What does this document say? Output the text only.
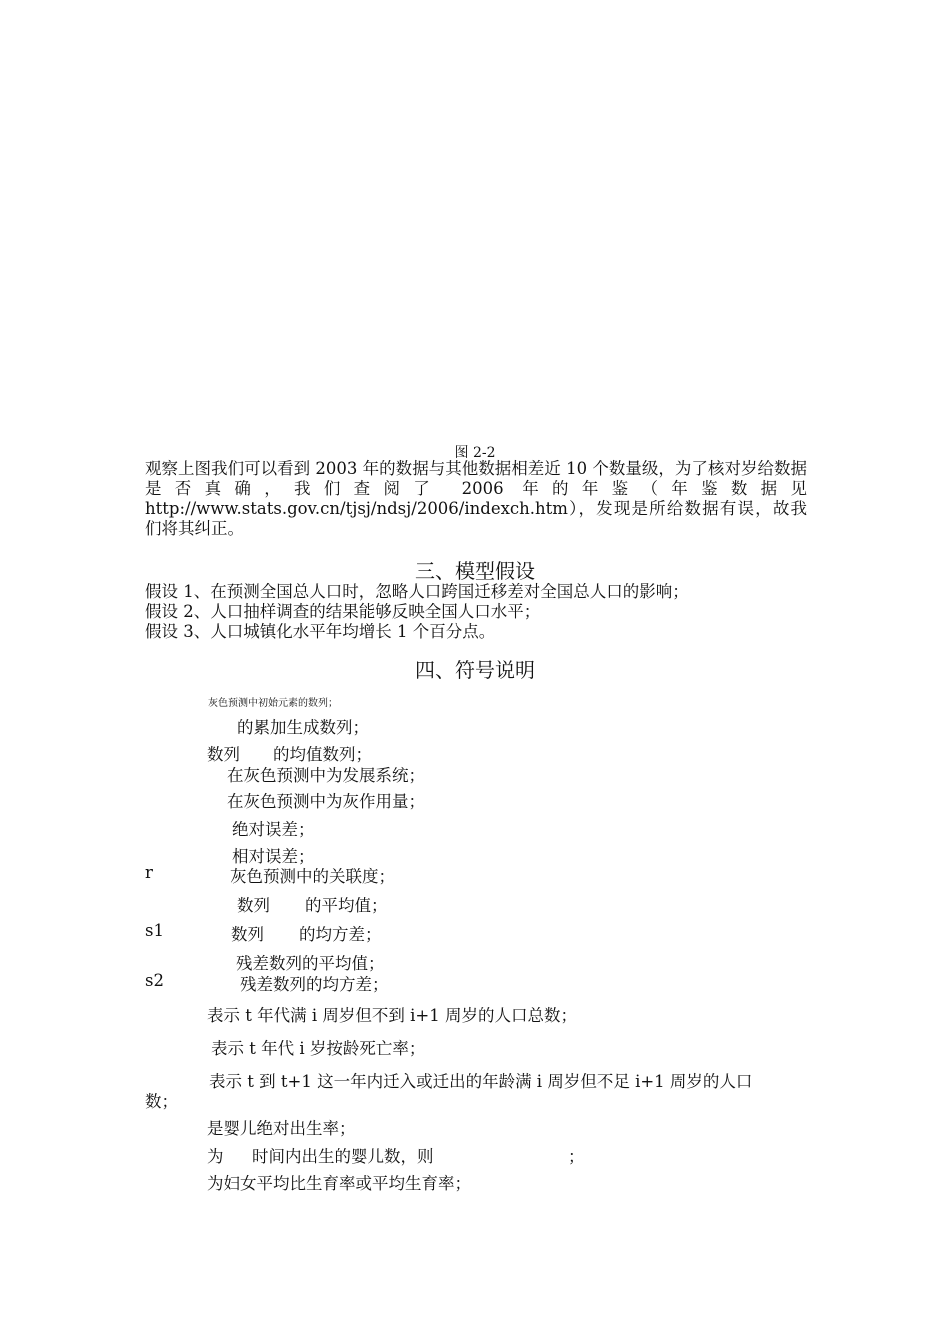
图 2-2
观察上图我们可以看到 2003 年的数据与其他数据相差近 10 个数量级，为了核对岁给数据是否真确，我们查阅了 2006 年的年鉴（年鉴数据见 http://www.stats.gov.cn/tjsj/ndsj/2006/indexch.htm），发现是所给数据有误，故我们将其纠正。
三、模型假设
假设 1、在预测全国总人口时，忽略人口跨国迁移差对全国总人口的影响；
假设 2、人口抽样调查的结果能够反映全国人口水平；
假设 3、人口城镇化水平年均增长 1 个百分点。
四、符号说明
灰色预测中初始元素的数列；
的累加生成数列；
数列 的均值数列；
在灰色预测中为发展系统；
在灰色预测中为灰作用量；
绝对误差；
相对误差；
r	灰色预测中的关联度；
数列 的平均值；
s1	数列 的均方差；
残差数列的平均值；
s2	残差数列的均方差；
表示 t 年代满 i 周岁但不到 i+1 周岁的人口总数；
表示 t 年代 i 岁按龄死亡率；
表示 t 到 t+1 这一年内迁入或迁出的年龄满 i 周岁但不足 i+1 周岁的人口
数；
是婴儿绝对出生率；
为 时间内出生的婴儿数，则	；
为妇女平均比生育率或平均生育率；
